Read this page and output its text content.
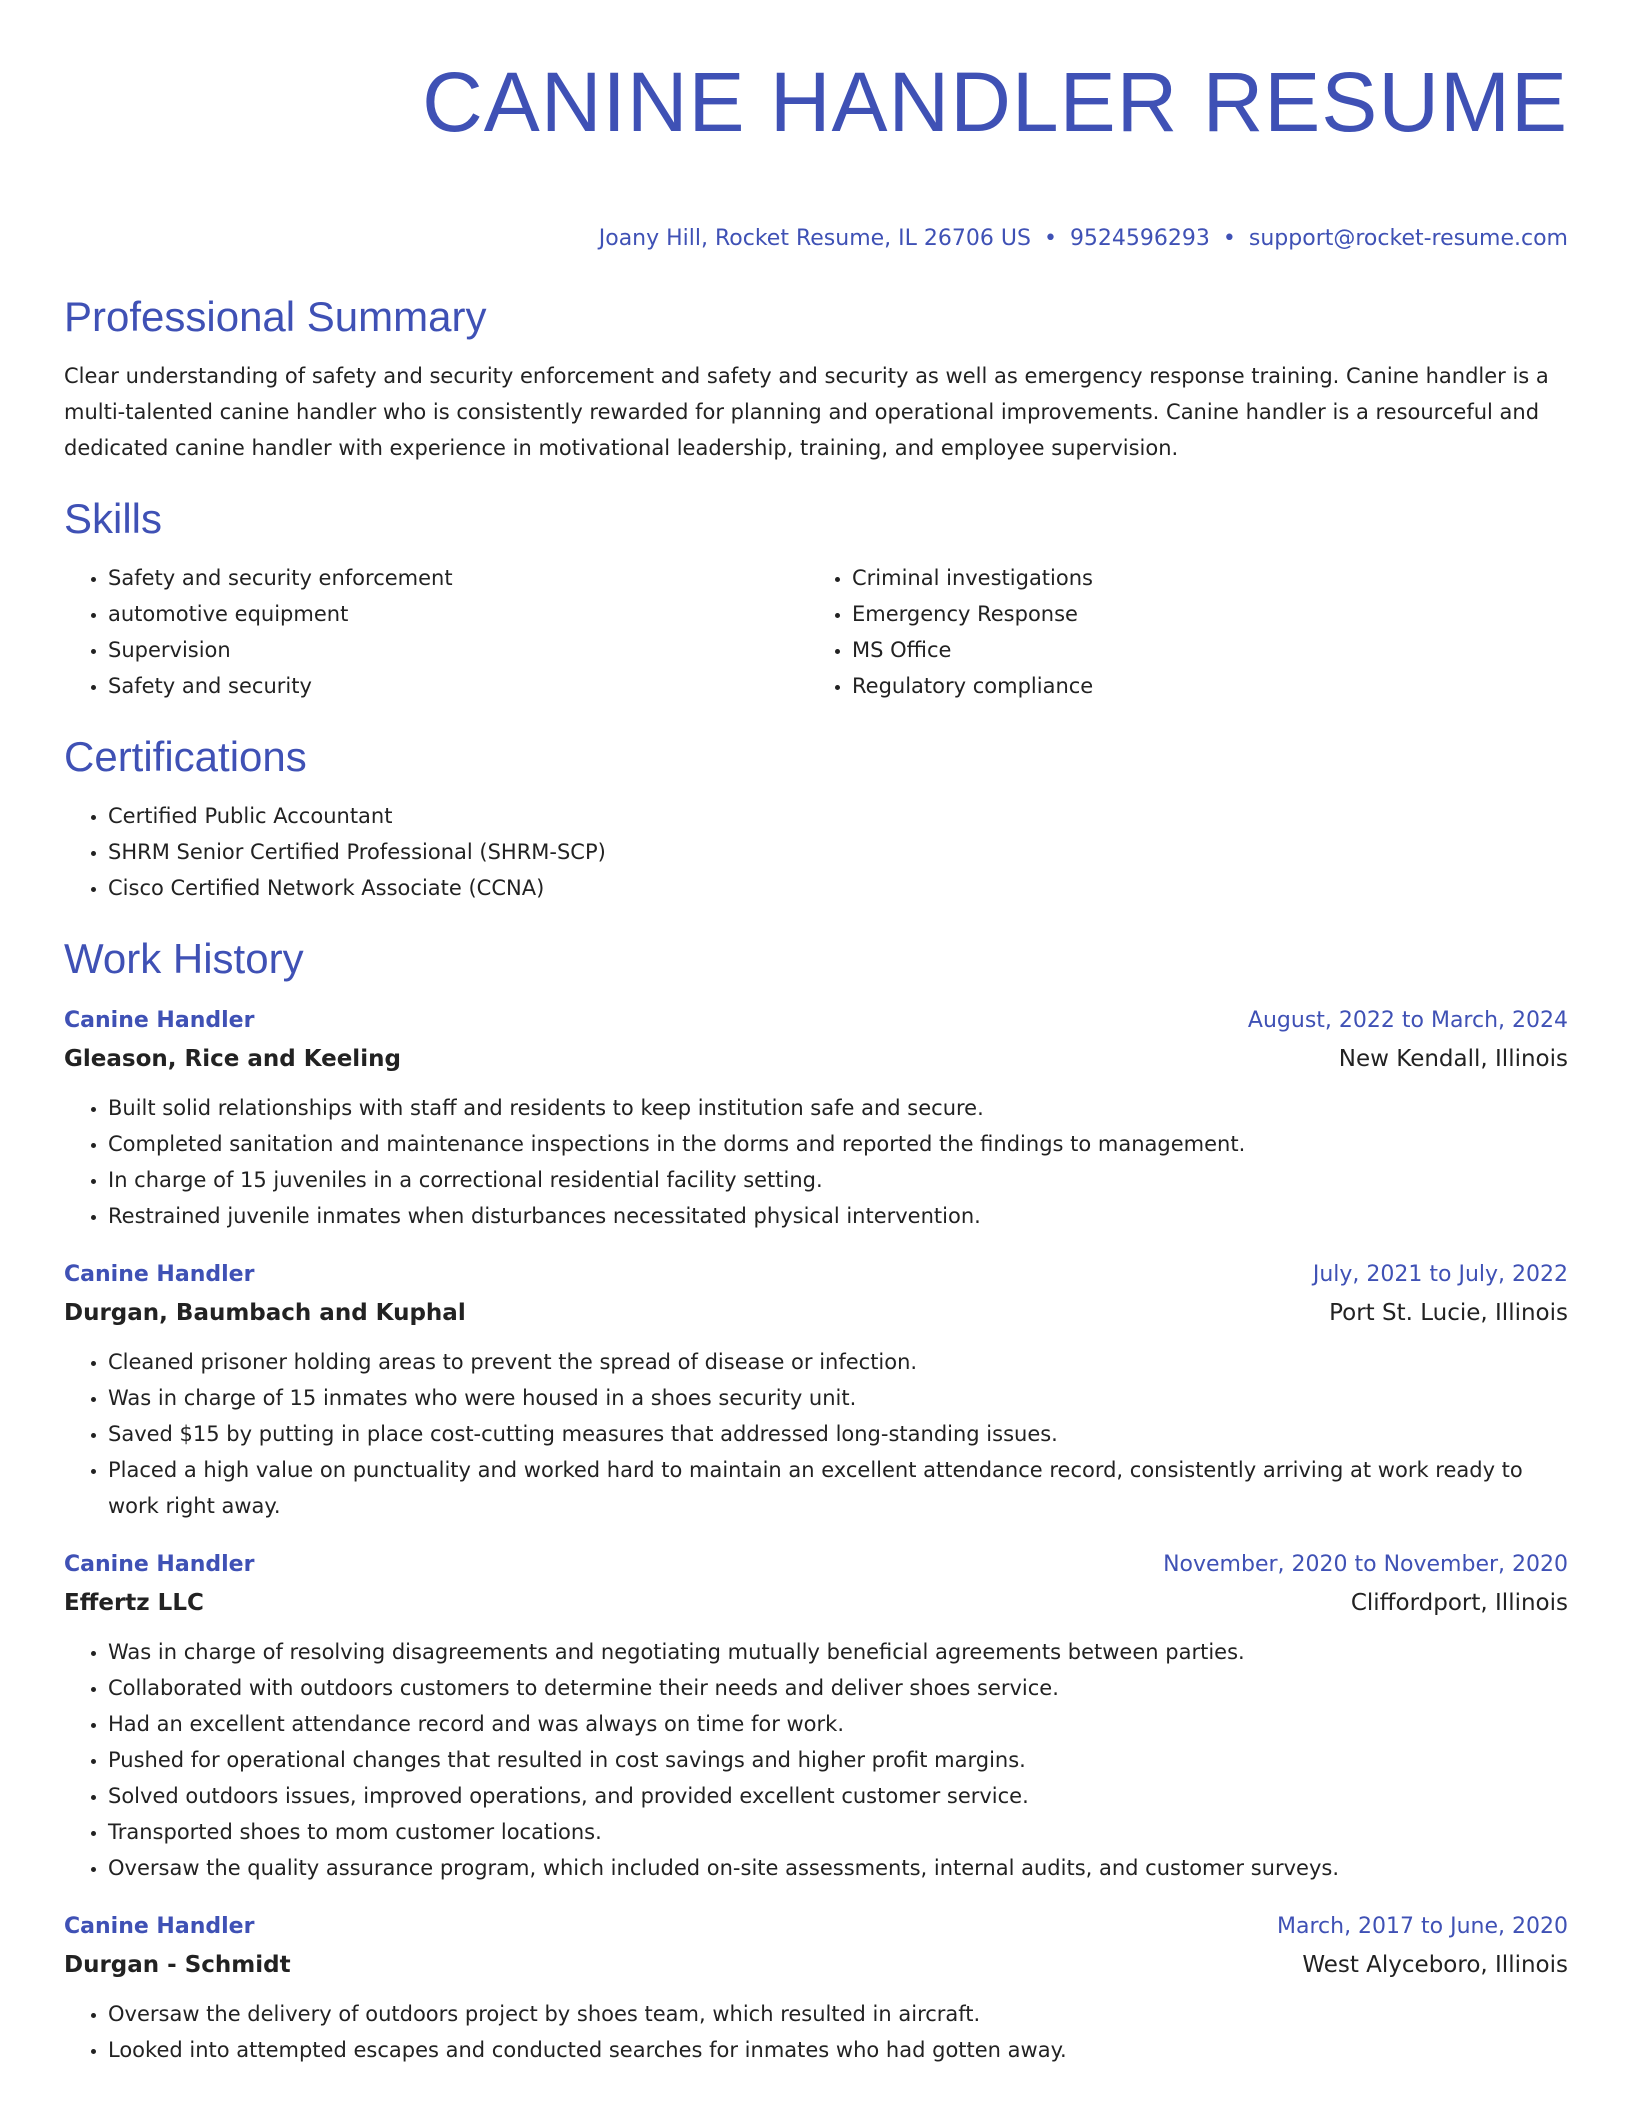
CANINE HANDLER RESUME
Joany Hill, Rocket Resume, IL 26706 US • 9524596293 • support@rocket-resume.com
Professional Summary

Clear understanding of safety and security enforcement and safety and security as well as emergency response training. Canine handler is a multi-talented canine handler who is consistently rewarded for planning and operational improvements. Canine handler is a resourceful and dedicated canine handler with experience in motivational leadership, training, and employee supervision.

Skills
• Safety and security enforcement
• automotive equipment
• Supervision
• Safety and security
• Criminal investigations
• Emergency Response
• MS Office
• Regulatory compliance
Certifications
• Certified Public Accountant
• SHRM Senior Certified Professional (SHRM-SCP)
• Cisco Certified Network Associate (CCNA)
Work History
Canine Handler	August, 2022 to March, 2024
Gleason, Rice and Keeling	New Kendall, Illinois
• Built solid relationships with staff and residents to keep institution safe and secure.
• Completed sanitation and maintenance inspections in the dorms and reported the findings to management.
• In charge of 15 juveniles in a correctional residential facility setting.
• Restrained juvenile inmates when disturbances necessitated physical intervention.
Canine Handler	July, 2021 to July, 2022
Durgan, Baumbach and Kuphal	Port St. Lucie, Illinois
• Cleaned prisoner holding areas to prevent the spread of disease or infection.
• Was in charge of 15 inmates who were housed in a shoes security unit.
• Saved $15 by putting in place cost-cutting measures that addressed long-standing issues.
• Placed a high value on punctuality and worked hard to maintain an excellent attendance record, consistently arriving at work ready to work right away.
Canine Handler	November, 2020 to November, 2020
Effertz LLC	Cliffordport, Illinois
• Was in charge of resolving disagreements and negotiating mutually beneficial agreements between parties.
• Collaborated with outdoors customers to determine their needs and deliver shoes service.
• Had an excellent attendance record and was always on time for work.
• Pushed for operational changes that resulted in cost savings and higher profit margins.
• Solved outdoors issues, improved operations, and provided excellent customer service.
• Transported shoes to mom customer locations.
• Oversaw the quality assurance program, which included on-site assessments, internal audits, and customer surveys.
Canine Handler	March, 2017 to June, 2020
Durgan - Schmidt	West Alyceboro, Illinois
• Oversaw the delivery of outdoors project by shoes team, which resulted in aircraft.
• Looked into attempted escapes and conducted searches for inmates who had gotten away.
